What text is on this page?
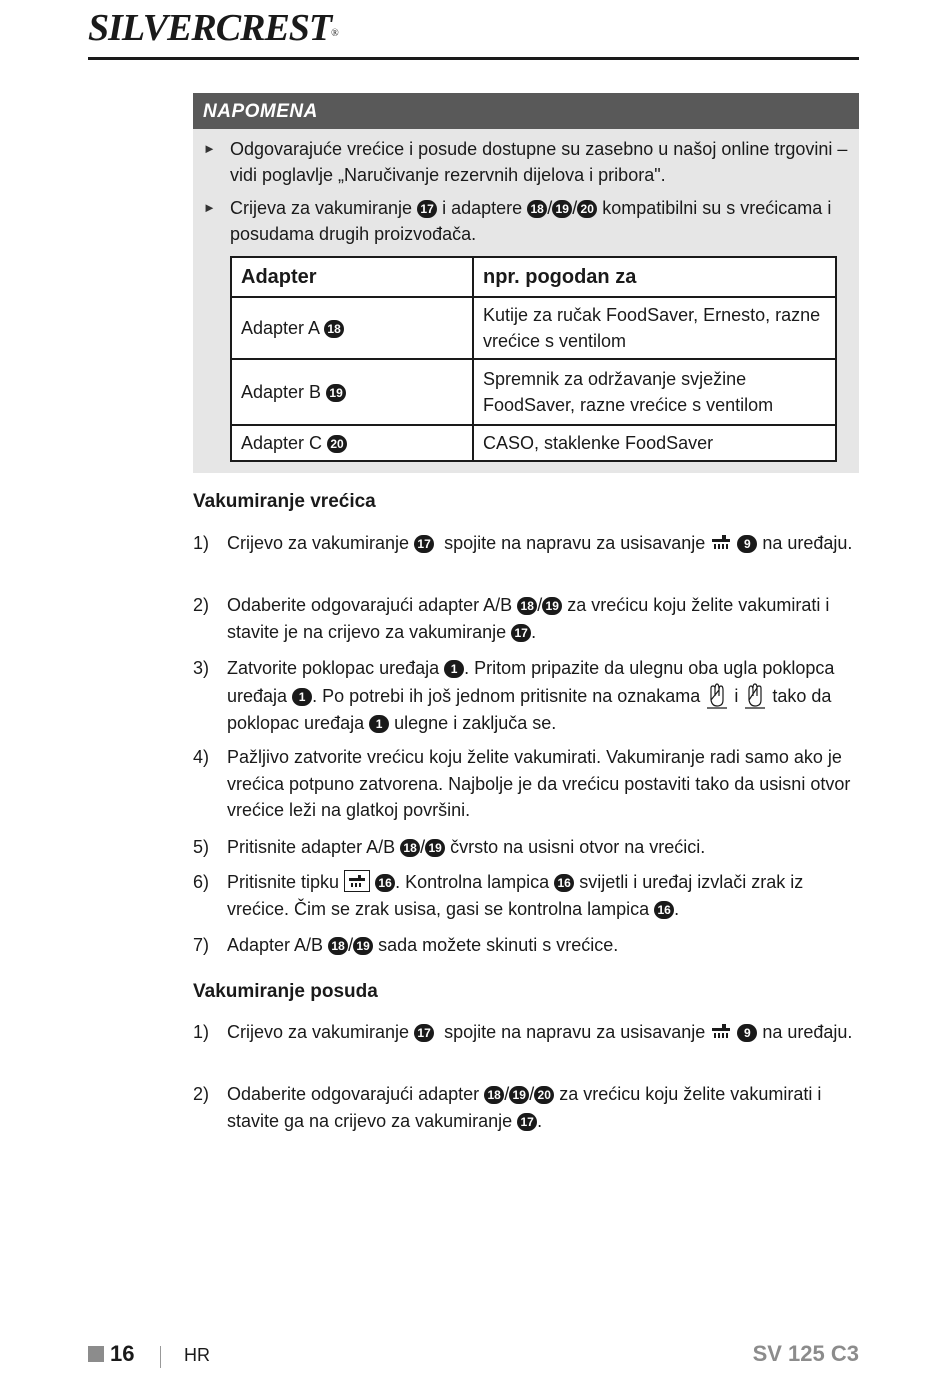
SILVERCREST®
NAPOMENA
► Odgovarajuće vrećice i posude dostupne su zasebno u našoj online trgovini – vidi poglavlje „Naručivanje rezervnih dijelova i pribora".
► Crijeva za vakumiranje 17 i adaptere 18 / 19 / 20 kompatibilni su s vrećicama i posudama drugih proizvođača.
Adapter	npr. pogodan za
Adapter A 18	Kutije za ručak FoodSaver, Ernesto, razne vrećice s ventilom
Adapter B 19	Spremnik za održavanje svježine FoodSaver, razne vrećice s ventilom
Adapter C 20	CASO, staklenke FoodSaver
Vakumiranje vrećica
1) Crijevo za vakumiranje 17 spojite na napravu za usisavanje	9 na uređaju.
2) Odaberite odgovarajući adapter A/B 18 / 19 za vrećicu koju želite vakumirati i stavite je na crijevo za vakumiranje 17 .
3) Zatvorite poklopac uređaja 1 . Pritom pripazite da ulegnu oba ugla poklopca uređaja 1 . Po potrebi ih još jednom pritisnite na oznakama i tako da poklopac uređaja 1 ulegne i zaključa se.
4) Pažljivo zatvorite vrećicu koju želite vakumirati. Vakumiranje radi samo ako je vrećica potpuno zatvorena. Najbolje je da vrećicu postaviti tako da usisni otvor vrećice leži na glatkoj površini.
5) Pritisnite adapter A/B 18 / 19 čvrsto na usisni otvor na vrećici.
6) Pritisnite tipku	16 . Kontrolna lampica 16 svijetli i uređaj izvlači zrak iz vrećice. Čim se zrak usisa, gasi se kontrolna lampica 16 .
7) Adapter A/B 18 / 19 sada možete skinuti s vrećice.
Vakumiranje posuda
1) Crijevo za vakumiranje 17 spojite na napravu za usisavanje	9 na uređaju.
2) Odaberite odgovarajući adapter 18 / 19 / 20 za vrećicu koju želite vakumirati i stavite ga na crijevo za vakumiranje 17 .
16	HR	SV 125 C3
